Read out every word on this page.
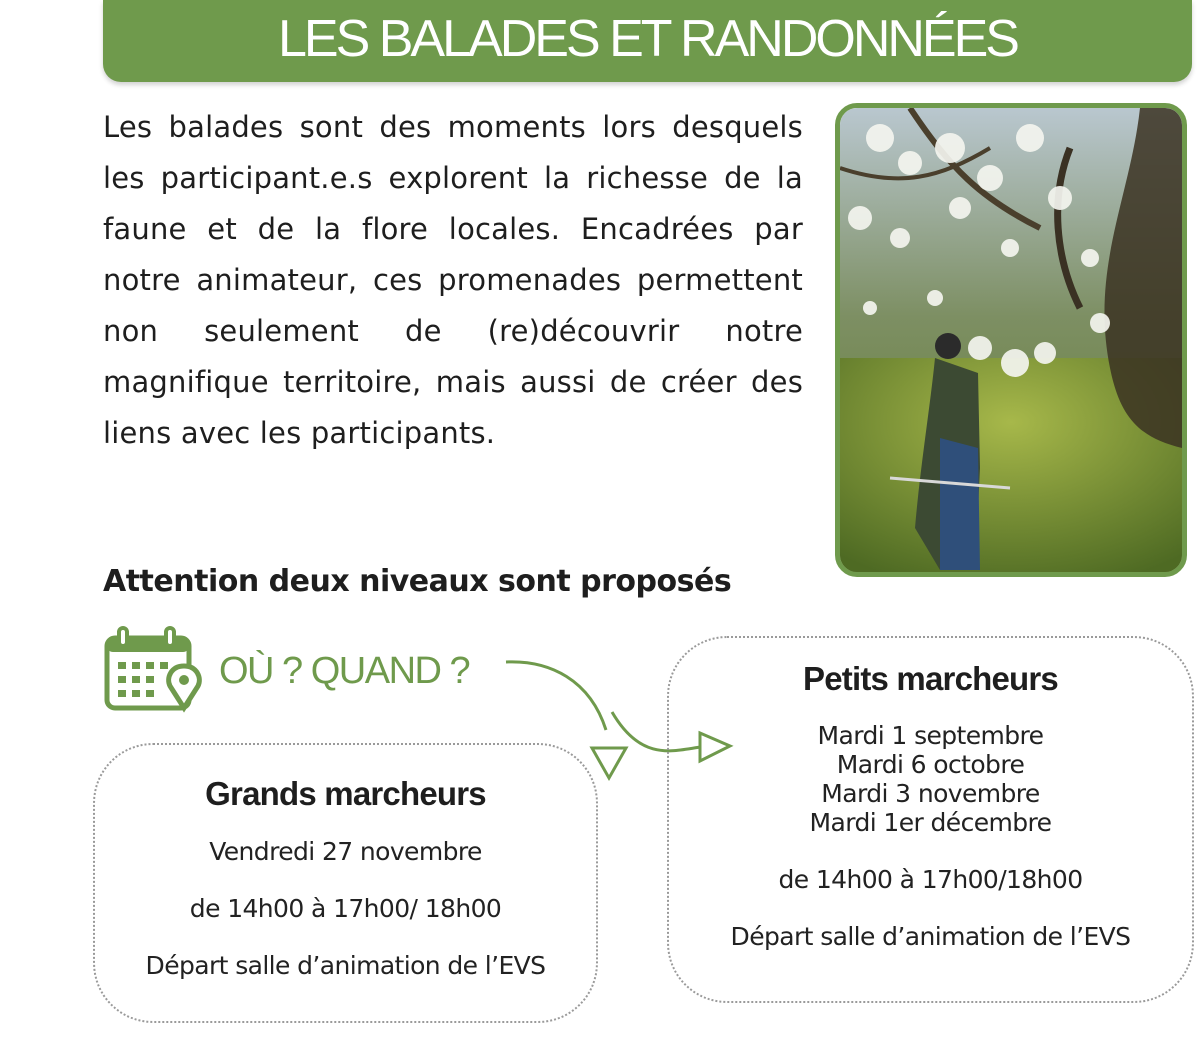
LES BALADES ET RANDONNÉES
Les balades sont des moments lors desquels les participant.e.s explorent la richesse de la faune et de la flore locales. Encadrées par notre animateur, ces promenades permettent non seulement de (re)découvrir notre magnifique territoire, mais aussi de créer des liens avec les participants.
Attention deux niveaux sont proposés
OÙ ? QUAND ?
Grands marcheurs
Vendredi 27 novembre
de 14h00 à 17h00/ 18h00
Départ salle d’animation de l’EVS
Petits marcheurs
Mardi 1 septembre
Mardi 6 octobre
Mardi 3 novembre
Mardi 1er décembre
de 14h00 à 17h00/18h00
Départ salle d’animation de l’EVS
